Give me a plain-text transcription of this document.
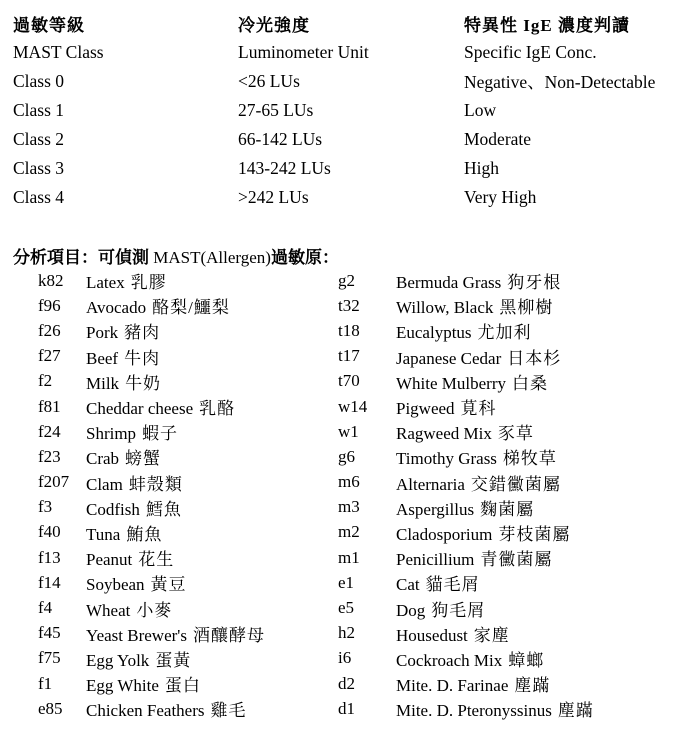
過敏等級	冷光強度	特異性 IgE 濃度判讀
MAST Class	Luminometer Unit	Specific IgE Conc.
Class 0	<26 LUs	Negative、Non-Detectable
Class 1	27-65 LUs	Low
Class 2	66-142 LUs	Moderate
Class 3	143-242 LUs	High
Class 4	>242 LUs	Very High
分析項目：可偵測 MAST(Allergen)過敏原：
k82	Latex 乳膠	g2	Bermuda Grass 狗牙根
f96	Avocado 酪梨/鱷梨	t32	Willow, Black 黑柳樹
f26	Pork 豬肉	t18	Eucalyptus 尤加利
f27	Beef 牛肉	t17	Japanese Cedar 日本杉
f2	Milk 牛奶	t70	White Mulberry 白桑
f81	Cheddar cheese 乳酪	w14	Pigweed 莧科
f24	Shrimp 蝦子	w1	Ragweed Mix 豕草
f23	Crab 螃蟹	g6	Timothy Grass 梯牧草
f207 Clam 蚌殼類	m6	Alternaria 交錯黴菌屬
f3	Codfish 鱈魚	m3	Aspergillus 麴菌屬
f40	Tuna 鮪魚	m2	Cladosporium 芽枝菌屬
f13	Peanut 花生	m1	Penicillium 青黴菌屬
f14	Soybean 黃豆	e1	Cat 貓毛屑
f4	Wheat 小麥	e5	Dog 狗毛屑
f45	Yeast Brewer's 酒釀酵母	h2	Housedust 家塵
f75	Egg Yolk 蛋黃	i6	Cockroach Mix 蟑螂
f1	Egg White 蛋白	d2	Mite. D. Farinae 塵蹣
e85	Chicken Feathers 雞毛	d1	Mite. D. Pteronyssinus 塵蹣
